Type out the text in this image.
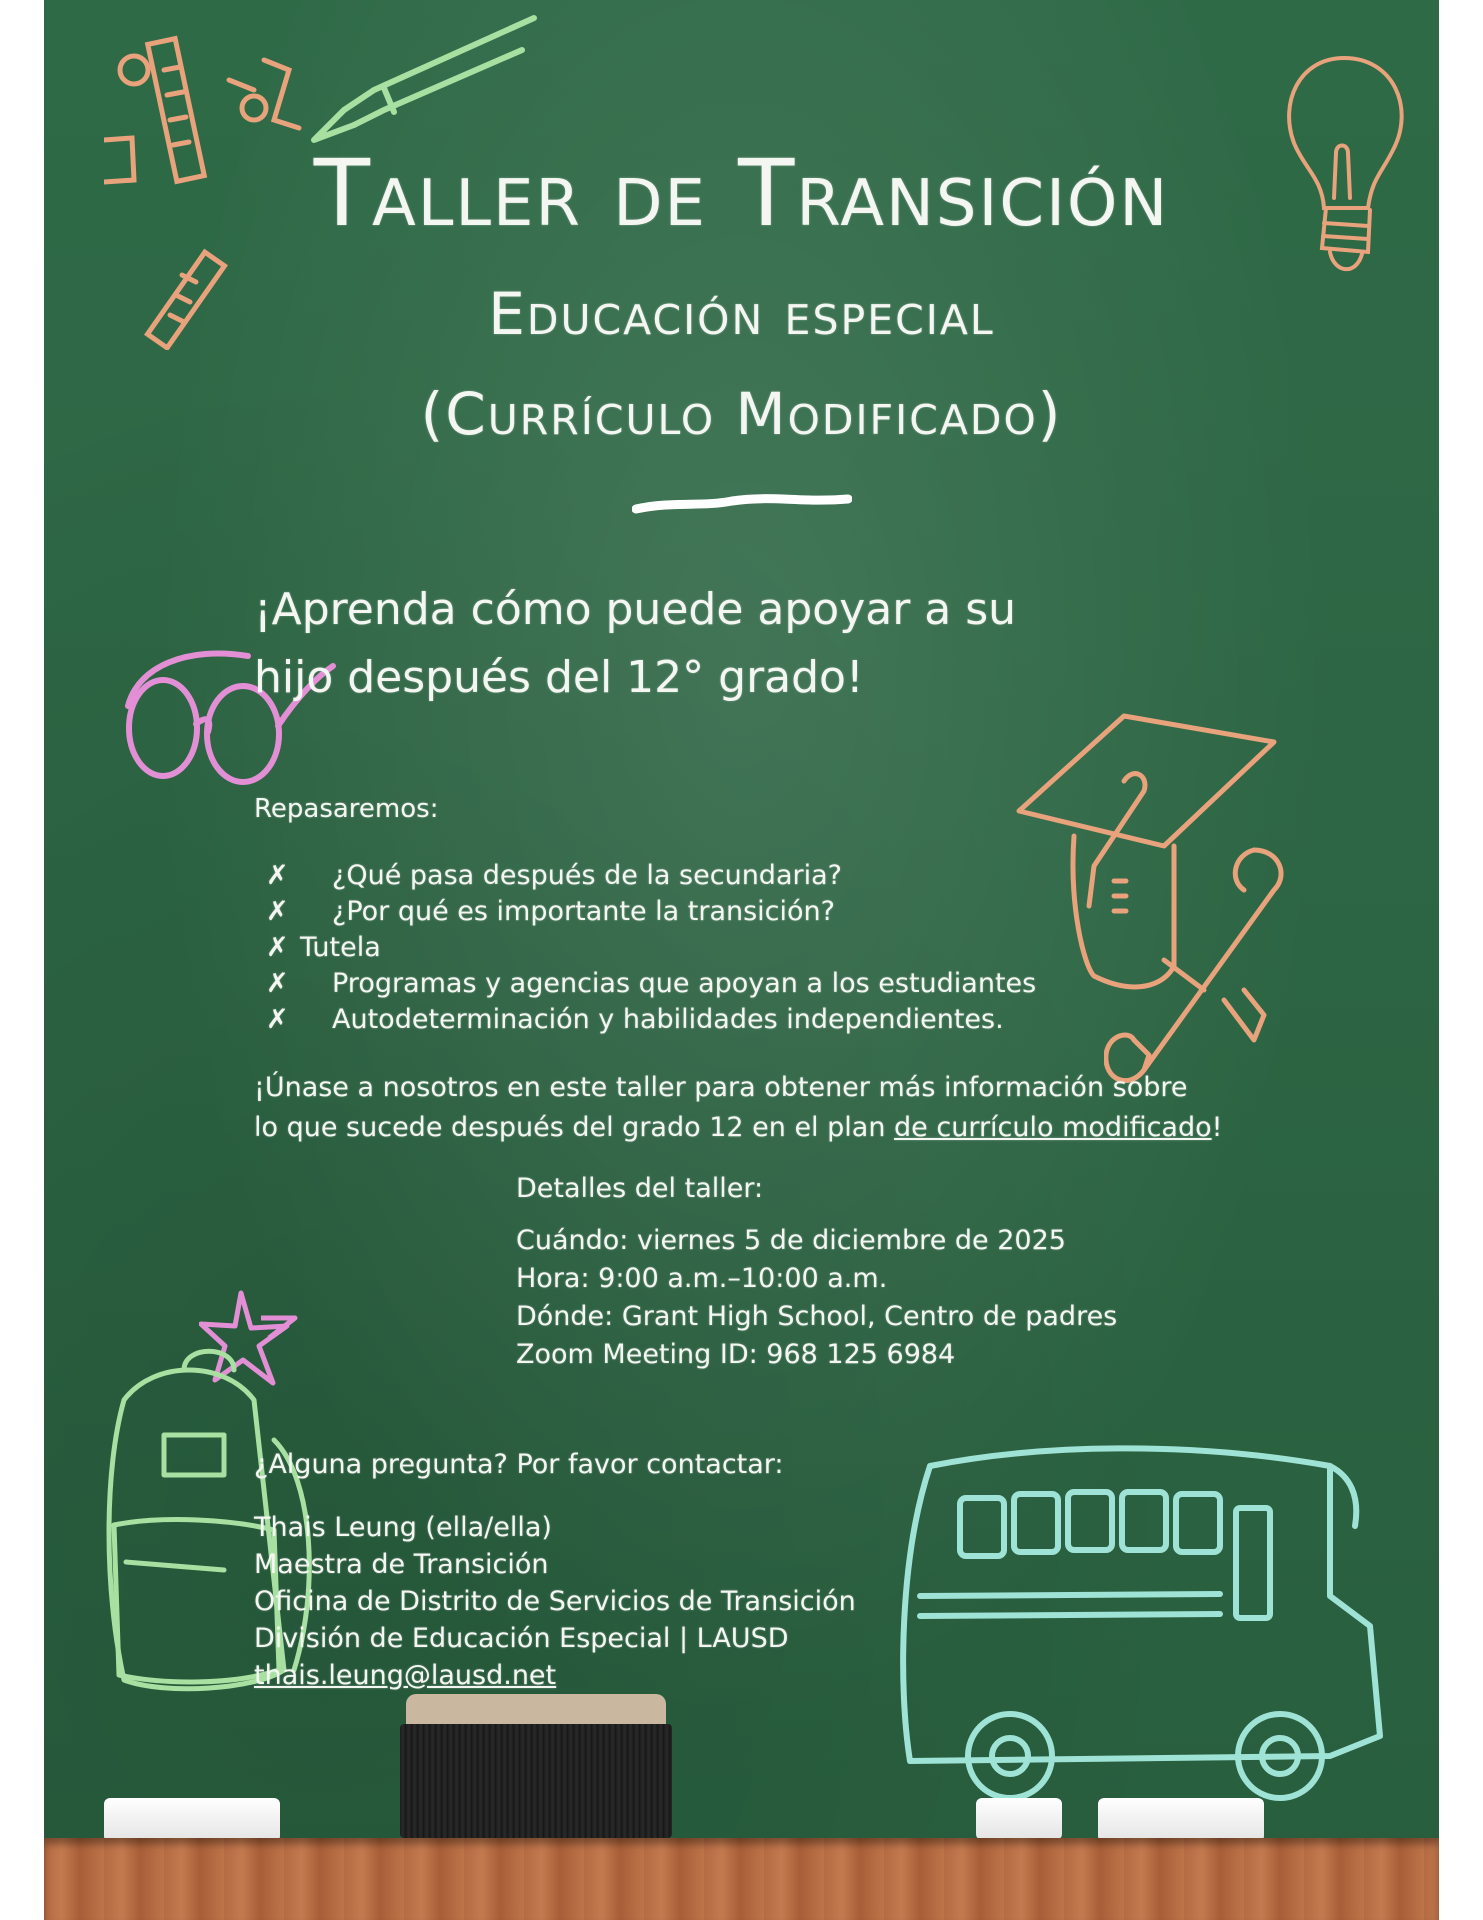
Taller de Transición
Educación especial
(Currículo Modificado)
¡Aprenda cómo puede apoyar a su
hijo después del 12° grado!
Repasaremos:
✗ ¿Qué pasa después de la secundaria?
✗ ¿Por qué es importante la transición?
✗ Tutela
✗ Programas y agencias que apoyan a los estudiantes
✗ Autodeterminación y habilidades independientes.
¡Únase a nosotros en este taller para obtener más información sobre
lo que sucede después del grado 12 en el plan de currículo modificado!
Detalles del taller:
Cuándo: viernes 5 de diciembre de 2025
Hora: 9:00 a.m.–10:00 a.m.
Dónde: Grant High School, Centro de padres
Zoom Meeting ID: 968 125 6984
¿Alguna pregunta? Por favor contactar:
Thais Leung (ella/ella)
Maestra de Transición
Oficina de Distrito de Servicios de Transición
División de Educación Especial | LAUSD
thais.leung@lausd.net
